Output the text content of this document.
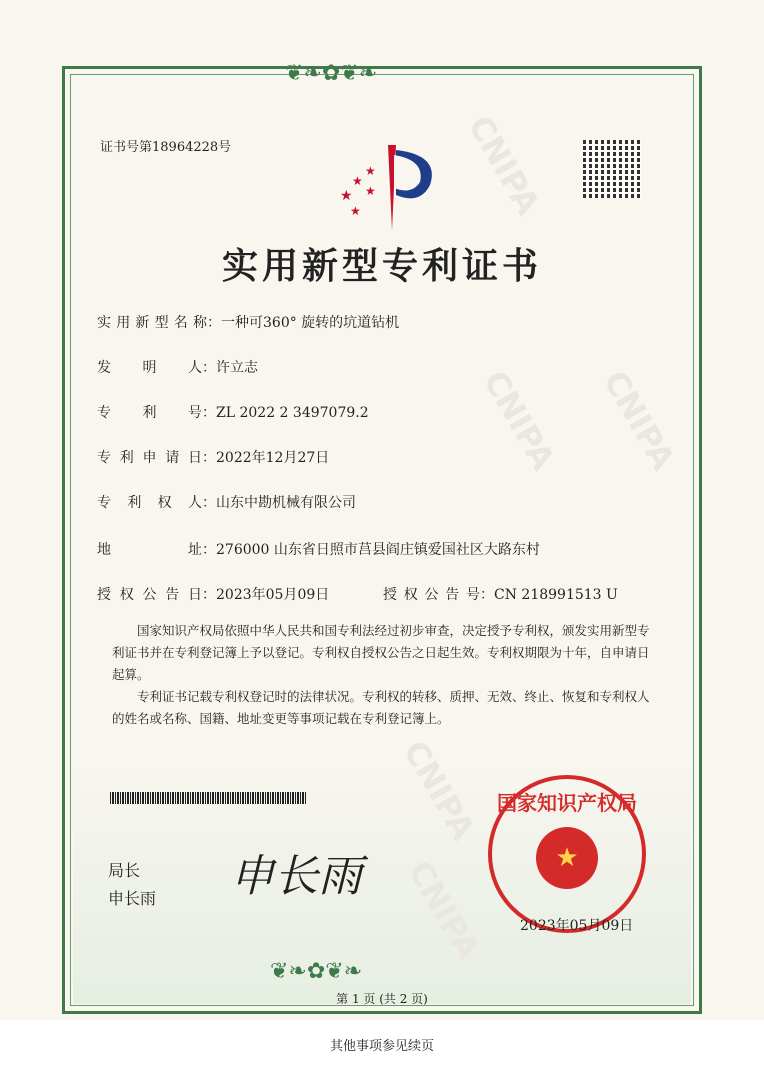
CNIPA
CNIPA CNIPA
CNIPA
CNIPA
❦❧✿❦❧
❦❧✿❦❧
证书号第18964228号
★
★
★
★
★
实用新型专利证书
实用新型名称：一种可360° 旋转的坑道钻机
发明人：许立志
专利号：ZL 2022 2 3497079.2
专利申请日：2022年12月27日
专利权人：山东中勘机械有限公司
地址：276000 山东省日照市莒县阎庄镇爱国社区大路东村
授权公告日：2023年05月09日	授权公告号：CN 218991513 U
国家知识产权局依照中华人民共和国专利法经过初步审查，决定授予专利权，颁发实用新型专利证书并在专利登记簿上予以登记。专利权自授权公告之日起生效。专利权期限为十年，自申请日起算。
专利证书记载专利权登记时的法律状况。专利权的转移、质押、无效、终止、恢复和专利权人的姓名或名称、国籍、地址变更等事项记载在专利登记簿上。
局长
申长雨 申长雨	★
国家知识产权局
2023年05月09日
第 1 页 (共 2 页)
其他事项参见续页
